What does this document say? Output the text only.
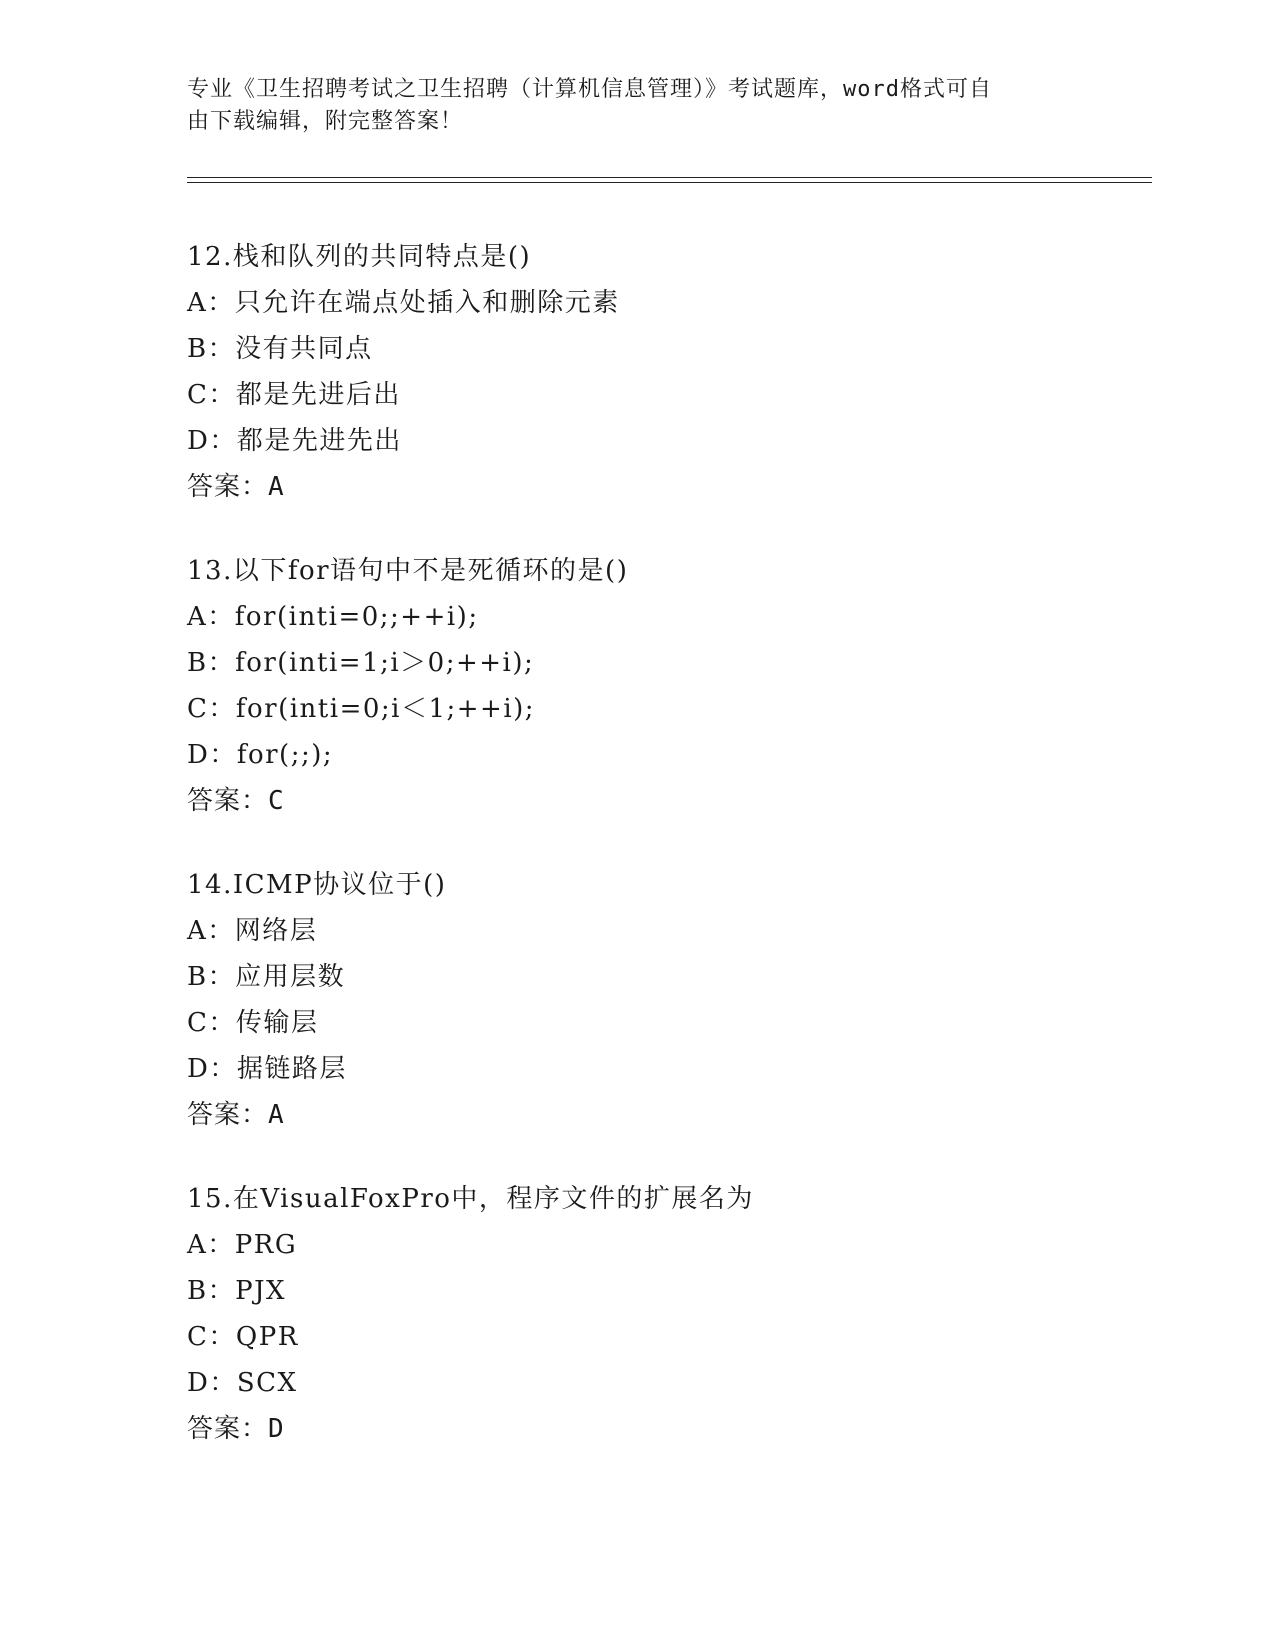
专业《卫生招聘考试之卫生招聘（计算机信息管理）》考试题库，word格式可自
由下载编辑，附完整答案！
12.栈和队列的共同特点是()
A：只允许在端点处插入和删除元素
B：没有共同点
C：都是先进后出
D：都是先进先出
答案：A
13.以下for语句中不是死循环的是()
A：for(inti=0;;++i);
B：for(inti=1;i＞0;++i);
C：for(inti=0;i＜1;++i);
D：for(;;);
答案：C
14.ICMP协议位于()
A：网络层
B：应用层数
C：传输层
D：据链路层
答案：A
15.在VisualFoxPro中，程序文件的扩展名为
A：PRG
B：PJX
C：QPR
D：SCX
答案：D
